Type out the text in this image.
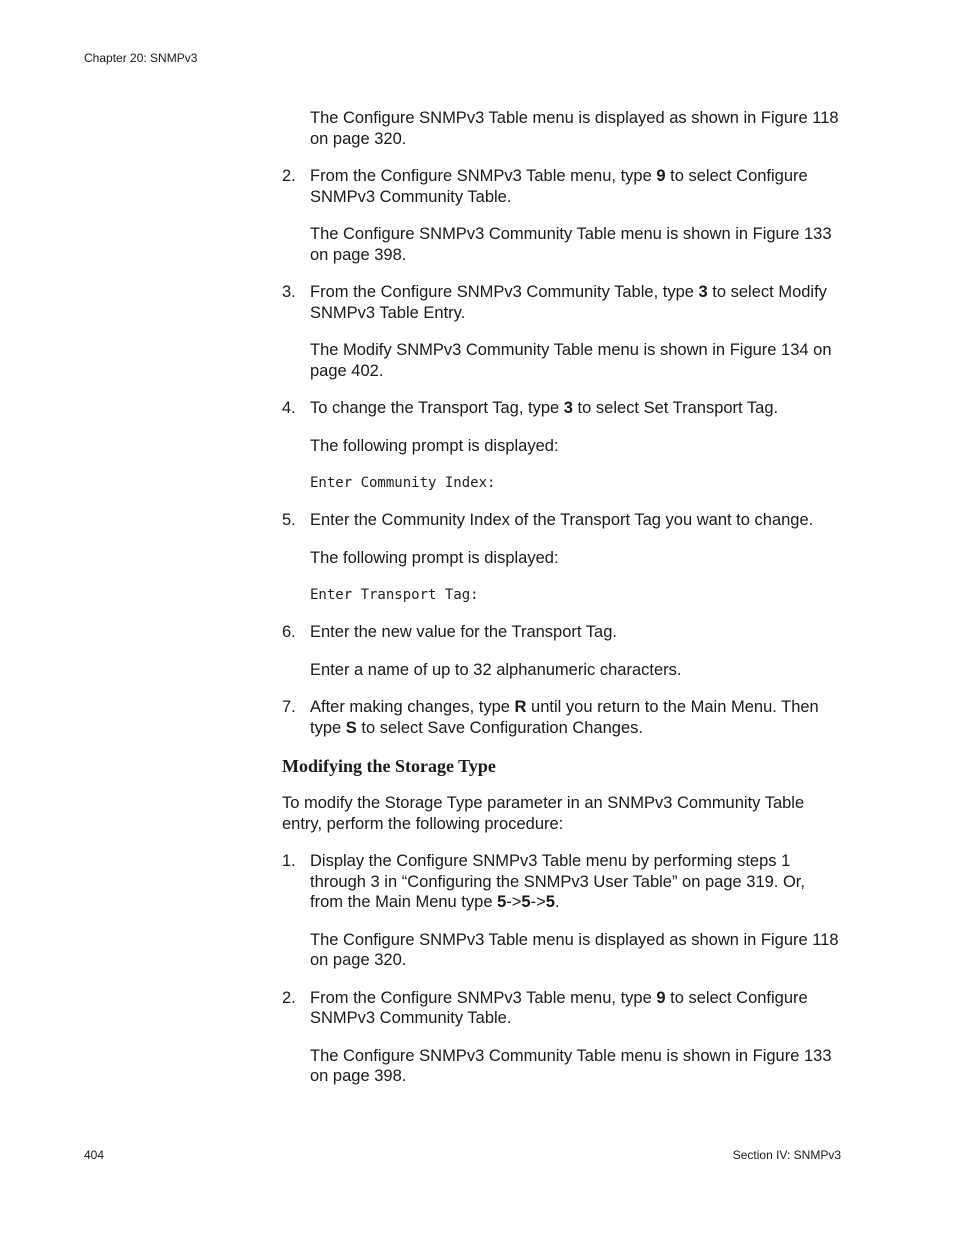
Chapter 20: SNMPv3

The Configure SNMPv3 Table menu is displayed as shown in Figure 118 on page 320.

2. From the Configure SNMPv3 Table menu, type 9 to select Configure SNMPv3 Community Table.

The Configure SNMPv3 Community Table menu is shown in Figure 133 on page 398.

3. From the Configure SNMPv3 Community Table, type 3 to select Modify SNMPv3 Table Entry.

The Modify SNMPv3 Community Table menu is shown in Figure 134 on page 402.

4. To change the Transport Tag, type 3 to select Set Transport Tag.

The following prompt is displayed:

Enter Community Index:
5. Enter the Community Index of the Transport Tag you want to change.

The following prompt is displayed:

Enter Transport Tag:
6. Enter the new value for the Transport Tag.

Enter a name of up to 32 alphanumeric characters.

7. After making changes, type R until you return to the Main Menu. Then type S to select Save Configuration Changes.
Modifying the Storage Type

To modify the Storage Type parameter in an SNMPv3 Community Table entry, perform the following procedure:

1. Display the Configure SNMPv3 Table menu by performing steps 1 through 3 in “Configuring the SNMPv3 User Table” on page 319. Or, from the Main Menu type 5->5->5.

The Configure SNMPv3 Table menu is displayed as shown in Figure 118 on page 320.

2. From the Configure SNMPv3 Table menu, type 9 to select Configure SNMPv3 Community Table.

The Configure SNMPv3 Community Table menu is shown in Figure 133 on page 398.

404	Section IV: SNMPv3
